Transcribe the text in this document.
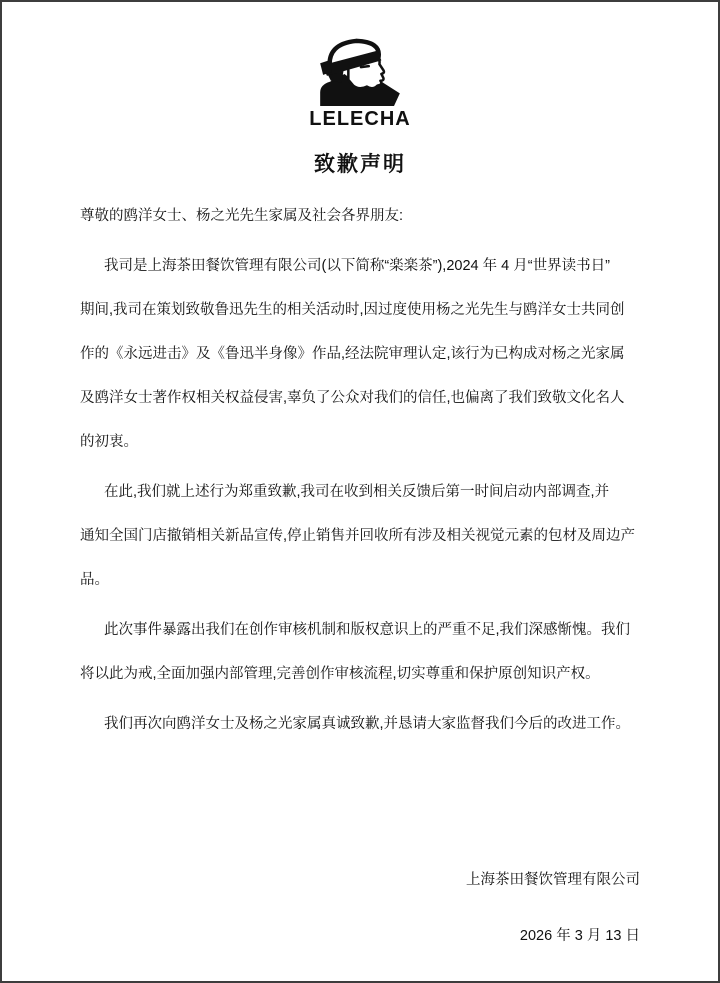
LELECHA
致歉声明
尊敬的鸥洋女士、杨之光先生家属及社会各界朋友:
我司是上海茶田餐饮管理有限公司(以下简称“楽楽茶”),2024 年 4 月“世界读书日”
期间,我司在策划致敬鲁迅先生的相关活动时,因过度使用杨之光先生与鸥洋女士共同创
作的《永远进击》及《鲁迅半身像》作品,经法院审理认定,该行为已构成对杨之光家属
及鸥洋女士著作权相关权益侵害,辜负了公众对我们的信任,也偏离了我们致敬文化名人
的初衷。
在此,我们就上述行为郑重致歉,我司在收到相关反馈后第一时间启动内部调查,并
通知全国门店撤销相关新品宣传,停止销售并回收所有涉及相关视觉元素的包材及周边产
品。
此次事件暴露出我们在创作审核机制和版权意识上的严重不足,我们深感惭愧。我们
将以此为戒,全面加强内部管理,完善创作审核流程,切实尊重和保护原创知识产权。
我们再次向鸥洋女士及杨之光家属真诚致歉,并恳请大家监督我们今后的改进工作。
上海茶田餐饮管理有限公司
2026 年 3 月 13 日
